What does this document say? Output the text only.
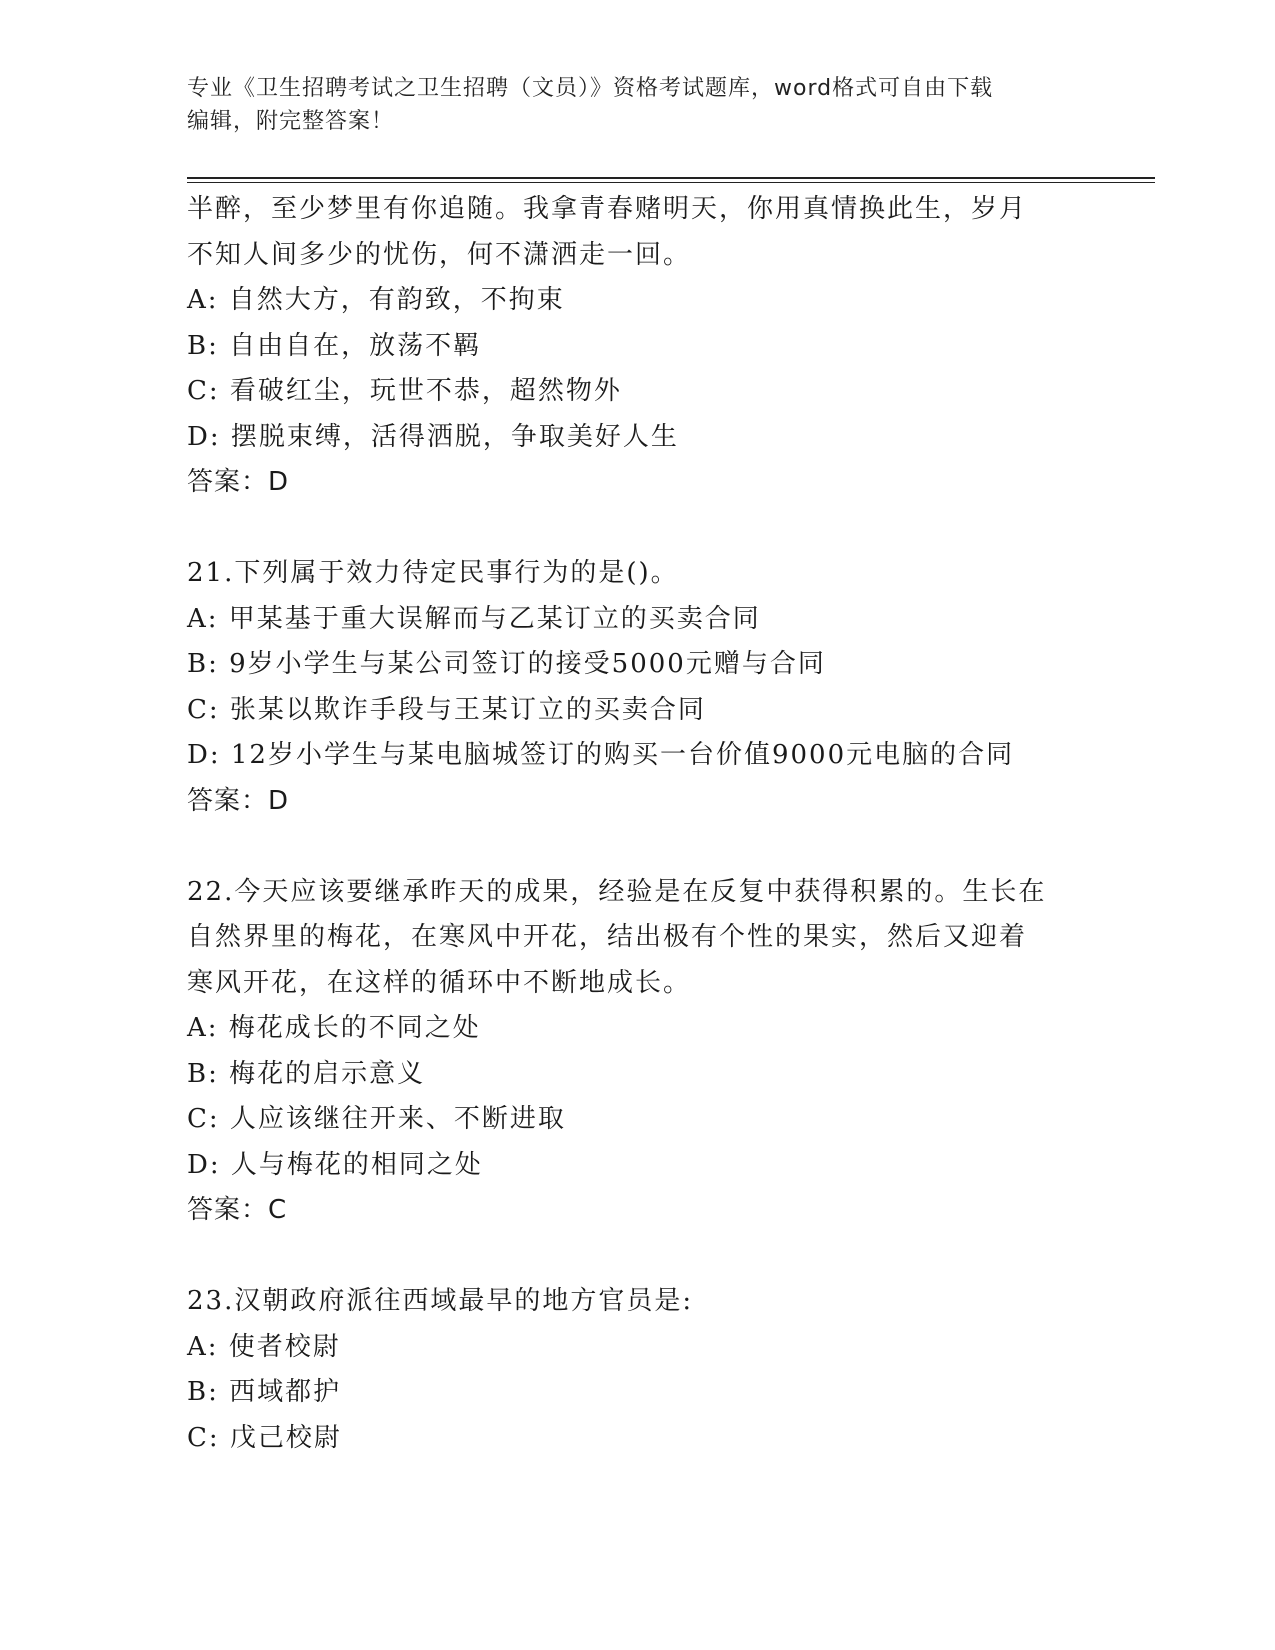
专业《卫生招聘考试之卫生招聘（文员）》资格考试题库，word格式可自由下载
编辑，附完整答案！
半醉，至少梦里有你追随。我拿青春赌明天，你用真情换此生，岁月
不知人间多少的忧伤，何不潇洒走一回。
A: 自然大方，有韵致，不拘束
B: 自由自在，放荡不羁
C: 看破红尘，玩世不恭，超然物外
D: 摆脱束缚，活得洒脱，争取美好人生
答案：D
21.下列属于效力待定民事行为的是()。
A: 甲某基于重大误解而与乙某订立的买卖合同
B: 9岁小学生与某公司签订的接受5000元赠与合同
C: 张某以欺诈手段与王某订立的买卖合同
D: 12岁小学生与某电脑城签订的购买一台价值9000元电脑的合同
答案：D
22.今天应该要继承昨天的成果，经验是在反复中获得积累的。生长在
自然界里的梅花，在寒风中开花，结出极有个性的果实，然后又迎着
寒风开花，在这样的循环中不断地成长。
A: 梅花成长的不同之处
B: 梅花的启示意义
C: 人应该继往开来、不断进取
D: 人与梅花的相同之处
答案：C
23.汉朝政府派往西域最早的地方官员是:
A: 使者校尉
B: 西域都护
C: 戊己校尉
